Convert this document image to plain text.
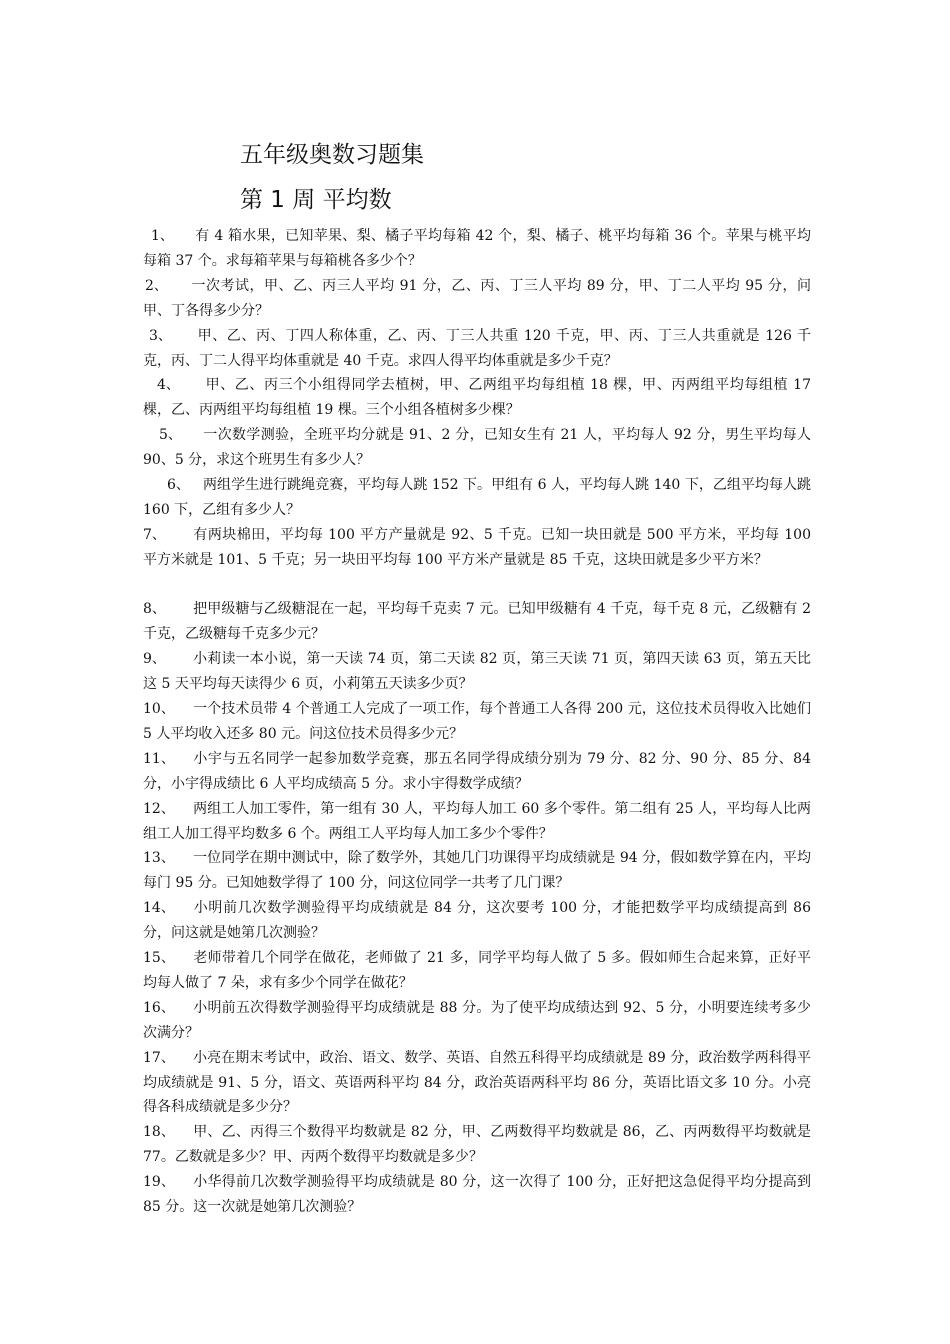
五年级奥数习题集
第 1 周 平均数
1、 有 4 箱水果，已知苹果、梨、橘子平均每箱 42 个，梨、橘子、桃平均每箱 36 个。苹果与桃平均每箱 37 个。求每箱苹果与每箱桃各多少个？
2、 一次考试，甲、乙、丙三人平均 91 分，乙、丙、丁三人平均 89 分，甲、丁二人平均 95 分，问甲、丁各得多少分？
3、 甲、乙、丙、丁四人称体重，乙、丙、丁三人共重 120 千克，甲、丙、丁三人共重就是 126 千克，丙、丁二人得平均体重就是 40 千克。求四人得平均体重就是多少千克？
4、 甲、乙、丙三个小组得同学去植树，甲、乙两组平均每组植 18 棵，甲、丙两组平均每组植 17 棵，乙、丙两组平均每组植 19 棵。三个小组各植树多少棵？
5、 一次数学测验，全班平均分就是 91、2 分，已知女生有 21 人，平均每人 92 分，男生平均每人 90、5 分，求这个班男生有多少人？
6、 两组学生进行跳绳竞赛，平均每人跳 152 下。甲组有 6 人，平均每人跳 140 下，乙组平均每人跳 160 下，乙组有多少人？
7、 有两块棉田，平均每 100 平方产量就是 92、5 千克。已知一块田就是 500 平方米，平均每 100 平方米就是 101、5 千克；另一块田平均每 100 平方米产量就是 85 千克，这块田就是多少平方米？
8、 把甲级糖与乙级糖混在一起，平均每千克卖 7 元。已知甲级糖有 4 千克，每千克 8 元，乙级糖有 2 千克，乙级糖每千克多少元？
9、 小莉读一本小说，第一天读 74 页，第二天读 82 页，第三天读 71 页，第四天读 63 页，第五天比这 5 天平均每天读得少 6 页，小莉第五天读多少页？
10、 一个技术员带 4 个普通工人完成了一项工作，每个普通工人各得 200 元，这位技术员得收入比她们 5 人平均收入还多 80 元。问这位技术员得多少元？
11、 小宇与五名同学一起参加数学竞赛，那五名同学得成绩分别为 79 分、82 分、90 分、85 分、84 分，小宇得成绩比 6 人平均成绩高 5 分。求小宇得数学成绩？
12、 两组工人加工零件，第一组有 30 人，平均每人加工 60 多个零件。第二组有 25 人，平均每人比两组工人加工得平均数多 6 个。两组工人平均每人加工多少个零件？
13、 一位同学在期中测试中，除了数学外，其她几门功课得平均成绩就是 94 分，假如数学算在内，平均每门 95 分。已知她数学得了 100 分，问这位同学一共考了几门课？
14、 小明前几次数学测验得平均成绩就是 84 分，这次要考 100 分，才能把数学平均成绩提高到 86 分，问这就是她第几次测验？
15、 老师带着几个同学在做花，老师做了 21 多，同学平均每人做了 5 多。假如师生合起来算，正好平均每人做了 7 朵，求有多少个同学在做花？
16、 小明前五次得数学测验得平均成绩就是 88 分。为了使平均成绩达到 92、5 分，小明要连续考多少次满分？
17、 小亮在期末考试中，政治、语文、数学、英语、自然五科得平均成绩就是 89 分，政治数学两科得平均成绩就是 91、5 分，语文、英语两科平均 84 分，政治英语两科平均 86 分，英语比语文多 10 分。小亮得各科成绩就是多少分？
18、 甲、乙、丙得三个数得平均数就是 82 分，甲、乙两数得平均数就是 86，乙、丙两数得平均数就是 77。乙数就是多少？甲、丙两个数得平均数就是多少？
19、 小华得前几次数学测验得平均成绩就是 80 分，这一次得了 100 分，正好把这急促得平均分提高到 85 分。这一次就是她第几次测验？
